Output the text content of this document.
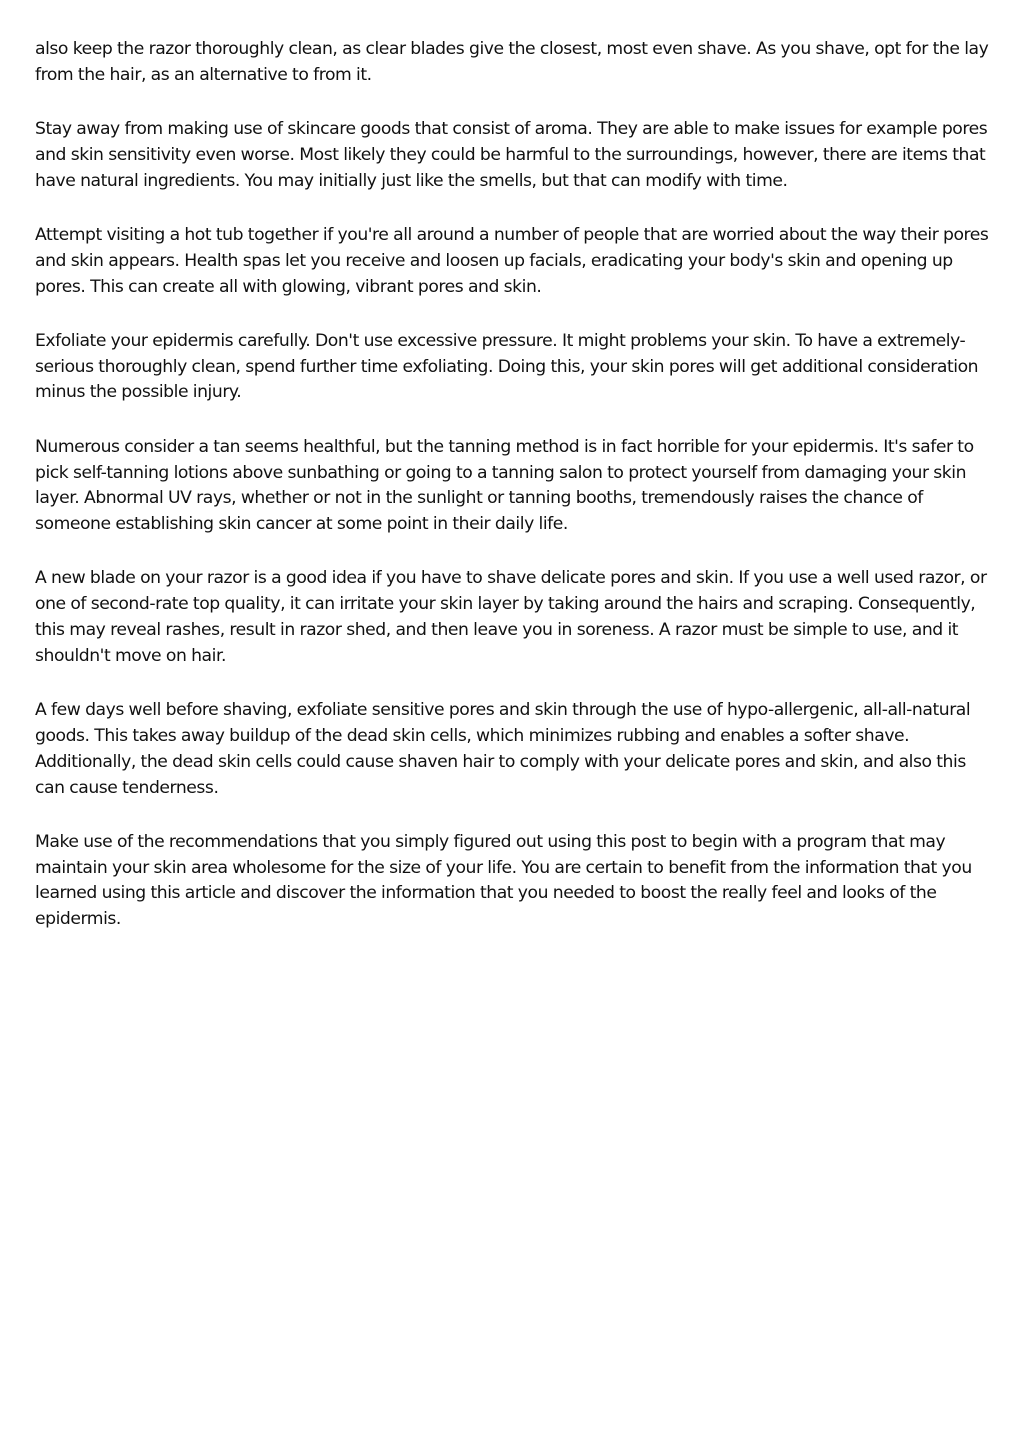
also keep the razor thoroughly clean, as clear blades give the closest, most even shave. As you shave, opt for the lay from the hair, as an alternative to from it.

Stay away from making use of skincare goods that consist of aroma. They are able to make issues for example pores and skin sensitivity even worse. Most likely they could be harmful to the surroundings, however, there are items that have natural ingredients. You may initially just like the smells, but that can modify with time.

Attempt visiting a hot tub together if you're all around a number of people that are worried about the way their pores and skin appears. Health spas let you receive and loosen up facials, eradicating your body's skin and opening up pores. This can create all with glowing, vibrant pores and skin.

Exfoliate your epidermis carefully. Don't use excessive pressure. It might problems your skin. To have a extremely-serious thoroughly clean, spend further time exfoliating. Doing this, your skin pores will get additional consideration minus the possible injury.

Numerous consider a tan seems healthful, but the tanning method is in fact horrible for your epidermis. It's safer to pick self-tanning lotions above sunbathing or going to a tanning salon to protect yourself from damaging your skin layer. Abnormal UV rays, whether or not in the sunlight or tanning booths, tremendously raises the chance of someone establishing skin cancer at some point in their daily life.

A new blade on your razor is a good idea if you have to shave delicate pores and skin. If you use a well used razor, or one of second-rate top quality, it can irritate your skin layer by taking around the hairs and scraping. Consequently, this may reveal rashes, result in razor shed, and then leave you in soreness. A razor must be simple to use, and it shouldn't move on hair.

A few days well before shaving, exfoliate sensitive pores and skin through the use of hypo-allergenic, all-all-natural goods. This takes away buildup of the dead skin cells, which minimizes rubbing and enables a softer shave. Additionally, the dead skin cells could cause shaven hair to comply with your delicate pores and skin, and also this can cause tenderness.

Make use of the recommendations that you simply figured out using this post to begin with a program that may maintain your skin area wholesome for the size of your life. You are certain to benefit from the information that you learned using this article and discover the information that you needed to boost the really feel and looks of the epidermis.
